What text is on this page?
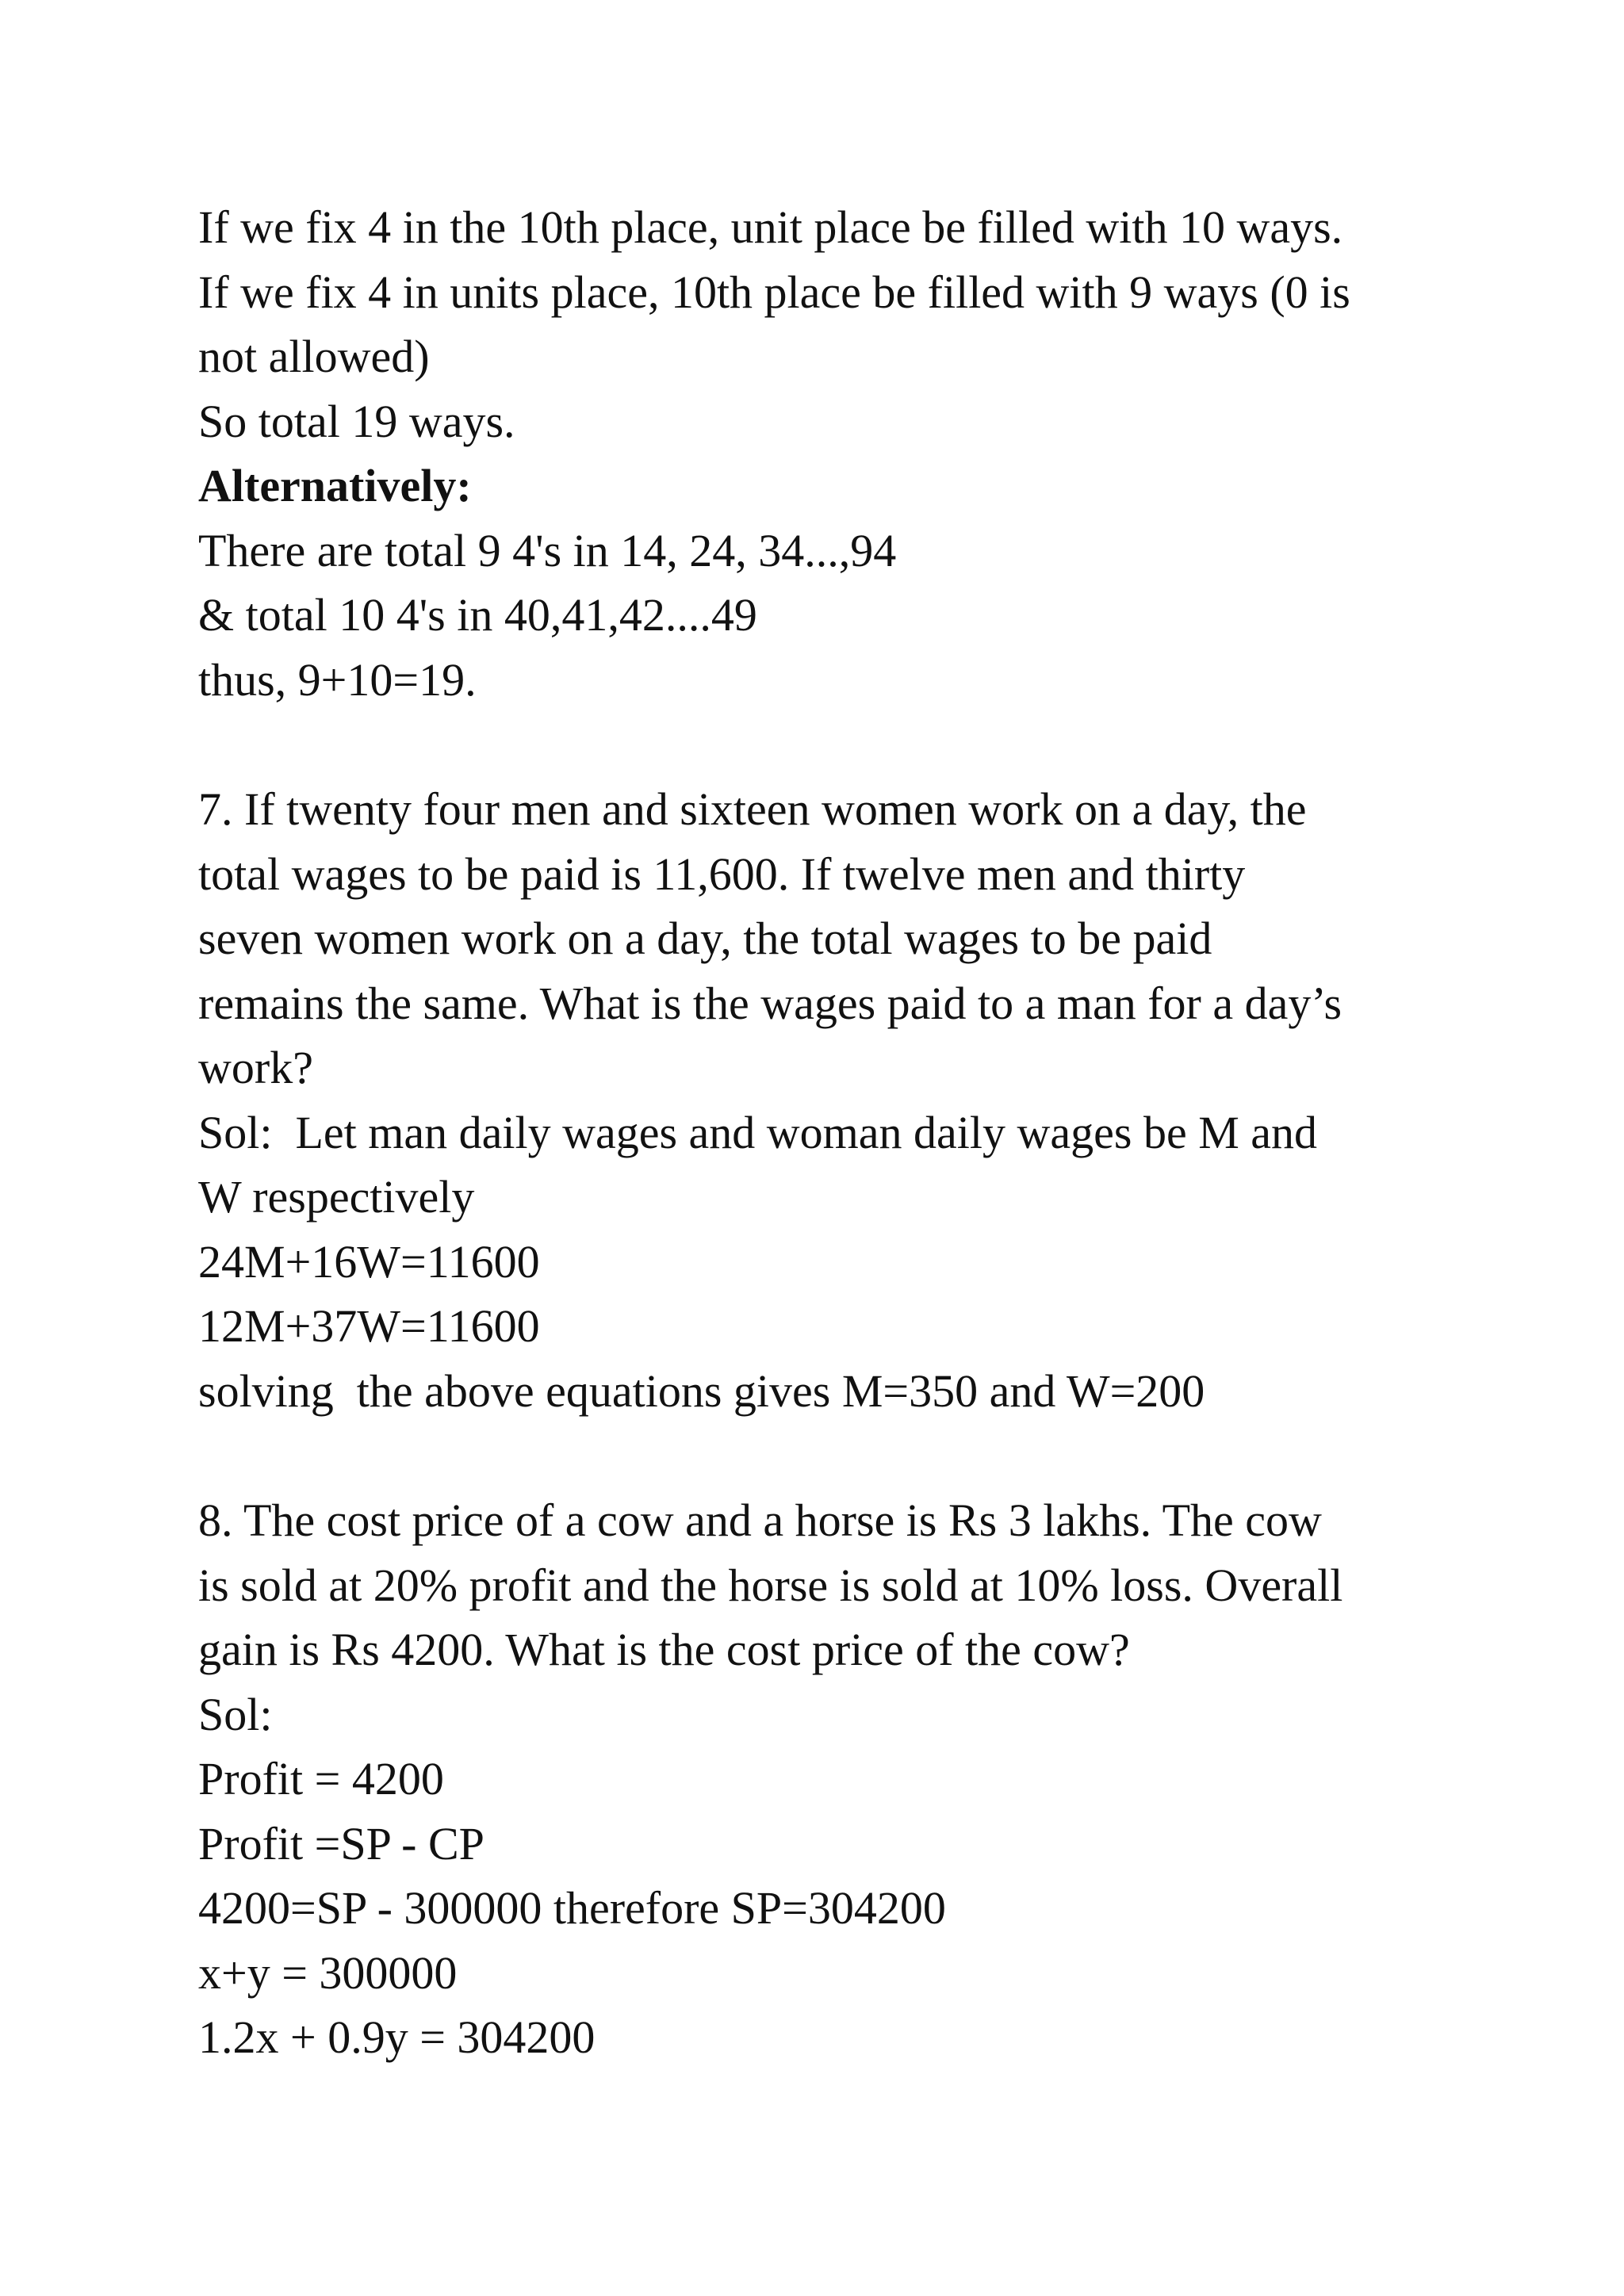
If we fix 4 in the 10th place, unit place be filled with 10 ways.
If we fix 4 in units place, 10th place be filled with 9 ways (0 is
not allowed)
So total 19 ways.
Alternatively:
There are total 9 4's in 14, 24, 34...,94
& total 10 4's in 40,41,42....49
thus, 9+10=19.
7. If twenty four men and sixteen women work on a day, the
total wages to be paid is 11,600. If twelve men and thirty
seven women work on a day, the total wages to be paid
remains the same. What is the wages paid to a man for a day’s
work?
Sol:  Let man daily wages and woman daily wages be M and
W respectively
24M+16W=11600
12M+37W=11600
solving  the above equations gives M=350 and W=200
8. The cost price of a cow and a horse is Rs 3 lakhs. The cow
is sold at 20% profit and the horse is sold at 10% loss. Overall
gain is Rs 4200. What is the cost price of the cow?
Sol:
Profit = 4200
Profit =SP - CP
4200=SP - 300000 therefore SP=304200
x+y = 300000
1.2x + 0.9y = 304200
